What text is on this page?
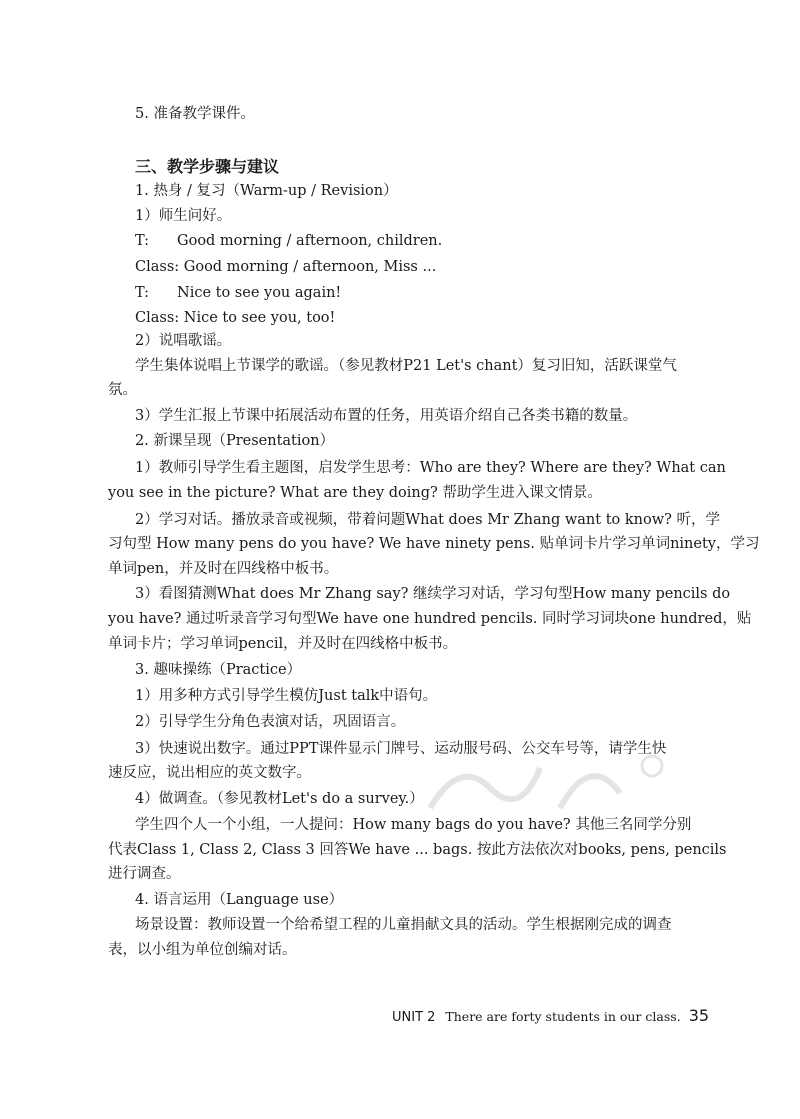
5. 准备教学课件。
三、教学步骤与建议
1. 热身 / 复习（Warm-up / Revision）
1）师生问好。
T: Good morning / afternoon, children.
Class: Good morning / afternoon, Miss ...
T: Nice to see you again!
Class: Nice to see you, too!
2）说唱歌谣。
学生集体说唱上节课学的歌谣。（参见教材P21 Let's chant）复习旧知，活跃课堂气
氛。
3）学生汇报上节课中拓展活动布置的任务，用英语介绍自己各类书籍的数量。
2. 新课呈现（Presentation）
1）教师引导学生看主题图，启发学生思考：Who are they? Where are they? What can
you see in the picture? What are they doing? 帮助学生进入课文情景。
2）学习对话。播放录音或视频，带着问题What does Mr Zhang want to know? 听，学
习句型 How many pens do you have? We have ninety pens. 贴单词卡片学习单词ninety，学习
单词pen，并及时在四线格中板书。
3）看图猜测What does Mr Zhang say? 继续学习对话，学习句型How many pencils do
you have? 通过听录音学习句型We have one hundred pencils. 同时学习词块one hundred，贴
单词卡片；学习单词pencil，并及时在四线格中板书。
3. 趣味操练（Practice）
1）用多种方式引导学生模仿Just talk中语句。
2）引导学生分角色表演对话，巩固语言。
3）快速说出数字。通过PPT课件显示门牌号、运动服号码、公交车号等，请学生快
速反应，说出相应的英文数字。
4）做调查。（参见教材Let's do a survey.）
学生四个人一个小组，一人提问：How many bags do you have? 其他三名同学分别
代表Class 1, Class 2, Class 3 回答We have ... bags. 按此方法依次对books, pens, pencils
进行调查。
4. 语言运用（Language use）
场景设置：教师设置一个给希望工程的儿童捐献文具的活动。学生根据刚完成的调查
表，以小组为单位创编对话。
UNIT 2 There are forty students in our class. 35
